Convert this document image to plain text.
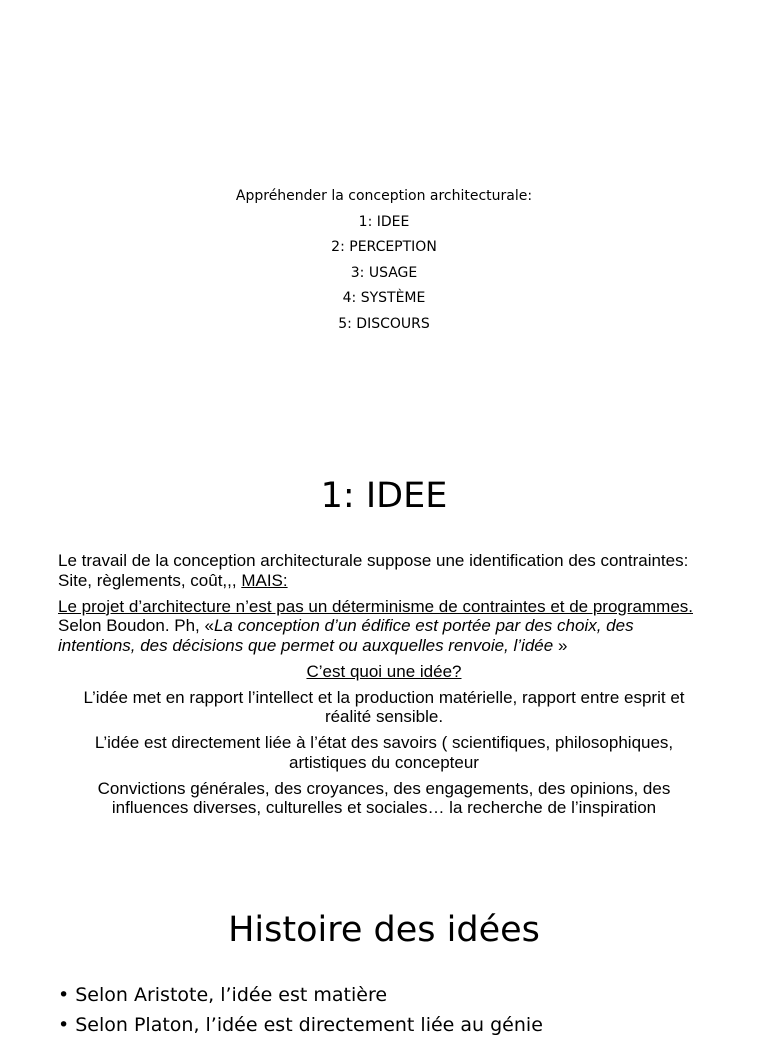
Appréhender la conception architecturale:
1: IDEE
2: PERCEPTION
3: USAGE
4: SYSTÈME
5: DISCOURS
1: IDEE

Le travail de la conception architecturale suppose une identification des contraintes: Site, règlements, coût,,, MAIS:

Le projet d’architecture n’est pas un déterminisme de contraintes et de programmes. Selon Boudon. Ph, «La conception d’un édifice est portée par des choix, des intentions, des décisions que permet ou auxquelles renvoie, l’idée »

C’est quoi une idée?

L’idée met en rapport l’intellect et la production matérielle, rapport entre esprit et réalité sensible.

L’idée est directement liée à l’état des savoirs ( scientifiques, philosophiques, artistiques du concepteur

Convictions générales, des croyances, des engagements, des opinions, des influences diverses, culturelles et sociales… la recherche de l’inspiration

Histoire des idées
• Selon Aristote, l’idée est matière
• Selon Platon, l’idée est directement liée au génie
